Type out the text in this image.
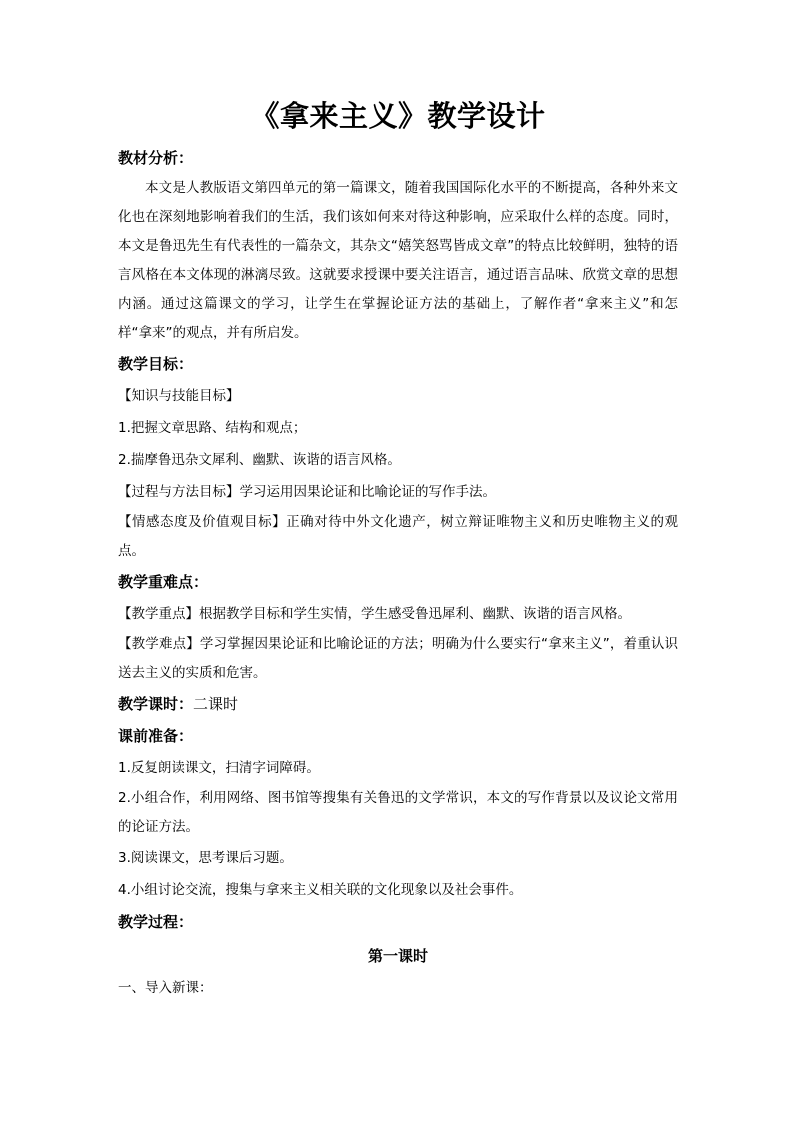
《拿来主义》教学设计

教材分析：

本文是人教版语文第四单元的第一篇课文，随着我国国际化水平的不断提高，各种外来文化也在深刻地影响着我们的生活，我们该如何来对待这种影响，应采取什么样的态度。同时，本文是鲁迅先生有代表性的一篇杂文，其杂文“嬉笑怒骂皆成文章”的特点比较鲜明，独特的语言风格在本文体现的淋漓尽致。这就要求授课中要关注语言，通过语言品味、欣赏文章的思想内涵。通过这篇课文的学习，让学生在掌握论证方法的基础上，了解作者“拿来主义”和怎样“拿来”的观点，并有所启发。

教学目标：

【知识与技能目标】

1.把握文章思路、结构和观点；

2.揣摩鲁迅杂文犀利、幽默、诙谐的语言风格。

【过程与方法目标】学习运用因果论证和比喻论证的写作手法。

【情感态度及价值观目标】正确对待中外文化遗产，树立辩证唯物主义和历史唯物主义的观点。

教学重难点：

【教学重点】根据教学目标和学生实情，学生感受鲁迅犀利、幽默、诙谐的语言风格。

【教学难点】学习掌握因果论证和比喻论证的方法；明确为什么要实行“拿来主义”，着重认识送去主义的实质和危害。

教学课时：二课时

课前准备：

1.反复朗读课文，扫清字词障碍。

2.小组合作，利用网络、图书馆等搜集有关鲁迅的文学常识，本文的写作背景以及议论文常用的论证方法。

3.阅读课文，思考课后习题。

4.小组讨论交流，搜集与拿来主义相关联的文化现象以及社会事件。

教学过程：

第一课时

一、导入新课：
